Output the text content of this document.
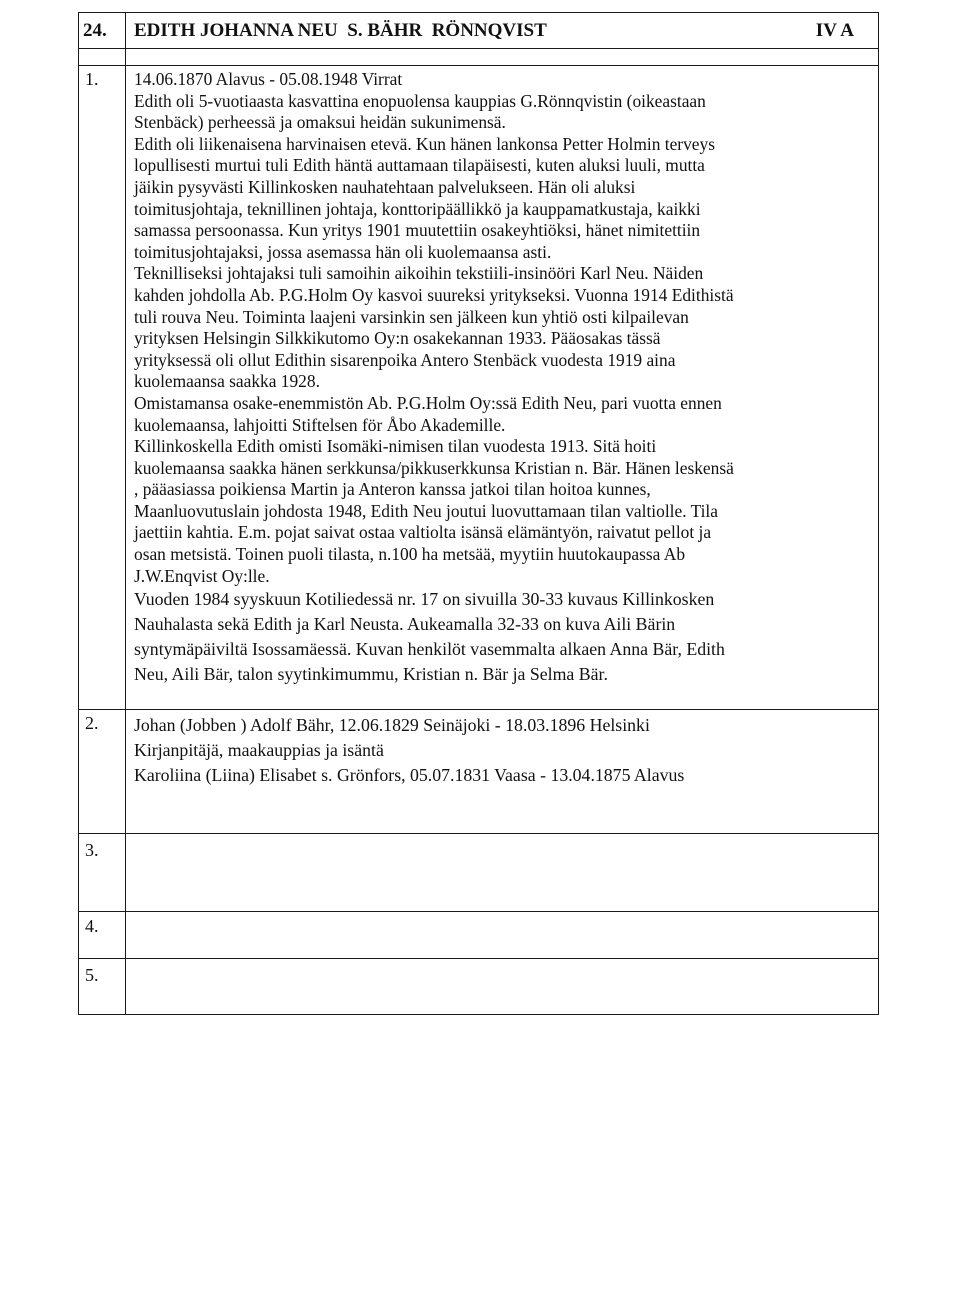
24. EDITH JOHANNA NEU  S. BÄHR  RÖNNQVIST	IV A
1. 14.06.1870 Alavus - 05.08.1948 Virrat
Edith oli 5-vuotiaasta kasvattina enopuolensa kauppias G.Rönnqvistin (oikeastaan
Stenbäck) perheessä ja omaksui heidän sukunimensä.
Edith oli liikenaisena harvinaisen etevä. Kun hänen lankonsa Petter Holmin terveys
lopullisesti murtui tuli Edith häntä auttamaan tilapäisesti, kuten aluksi luuli, mutta
jäikin pysyvästi Killinkosken nauhatehtaan palvelukseen. Hän oli aluksi
toimitusjohtaja, teknillinen johtaja, konttoripäällikkö ja kauppamatkustaja, kaikki
samassa persoonassa. Kun yritys 1901 muutettiin osakeyhtiöksi, hänet nimitettiin
toimitusjohtajaksi, jossa asemassa hän oli kuolemaansa asti.
Teknilliseksi johtajaksi tuli samoihin aikoihin tekstiili-insinööri Karl Neu. Näiden
kahden johdolla Ab. P.G.Holm Oy kasvoi suureksi yritykseksi. Vuonna 1914 Edithistä
tuli rouva Neu. Toiminta laajeni varsinkin sen jälkeen kun yhtiö osti kilpailevan
yrityksen Helsingin Silkkikutomo Oy:n osakekannan 1933. Pääosakas tässä
yrityksessä oli ollut Edithin sisarenpoika Antero Stenbäck vuodesta 1919 aina
kuolemaansa saakka 1928.
Omistamansa osake-enemmistön Ab. P.G.Holm Oy:ssä Edith Neu, pari vuotta ennen
kuolemaansa, lahjoitti Stiftelsen för Åbo Akademille.
Killinkoskella Edith omisti Isomäki-nimisen tilan vuodesta 1913. Sitä hoiti
kuolemaansa saakka hänen serkkunsa/pikkuserkkunsa Kristian n. Bär. Hänen leskensä
, pääasiassa poikiensa Martin ja Anteron kanssa jatkoi tilan hoitoa kunnes,
Maanluovutuslain johdosta 1948, Edith Neu joutui luovuttamaan tilan valtiolle. Tila
jaettiin kahtia. E.m. pojat saivat ostaa valtiolta isänsä elämäntyön, raivatut pellot ja
osan metsistä. Toinen puoli tilasta, n.100 ha metsää, myytiin huutokaupassa Ab
J.W.Enqvist Oy:lle.
Vuoden 1984 syyskuun Kotiliedessä nr. 17 on sivuilla 30-33 kuvaus Killinkosken
Nauhalasta sekä Edith ja Karl Neusta. Aukeamalla 32-33 on kuva Aili Bärin
syntymäpäiviltä Isossamäessä. Kuvan henkilöt vasemmalta alkaen Anna Bär, Edith
Neu, Aili Bär, talon syytinkimummu, Kristian n. Bär ja Selma Bär.
2. Johan (Jobben ) Adolf Bähr, 12.06.1829 Seinäjoki - 18.03.1896 Helsinki
Kirjanpitäjä, maakauppias ja isäntä
Karoliina (Liina) Elisabet s. Grönfors, 05.07.1831 Vaasa - 13.04.1875 Alavus
3.
4.
5.
